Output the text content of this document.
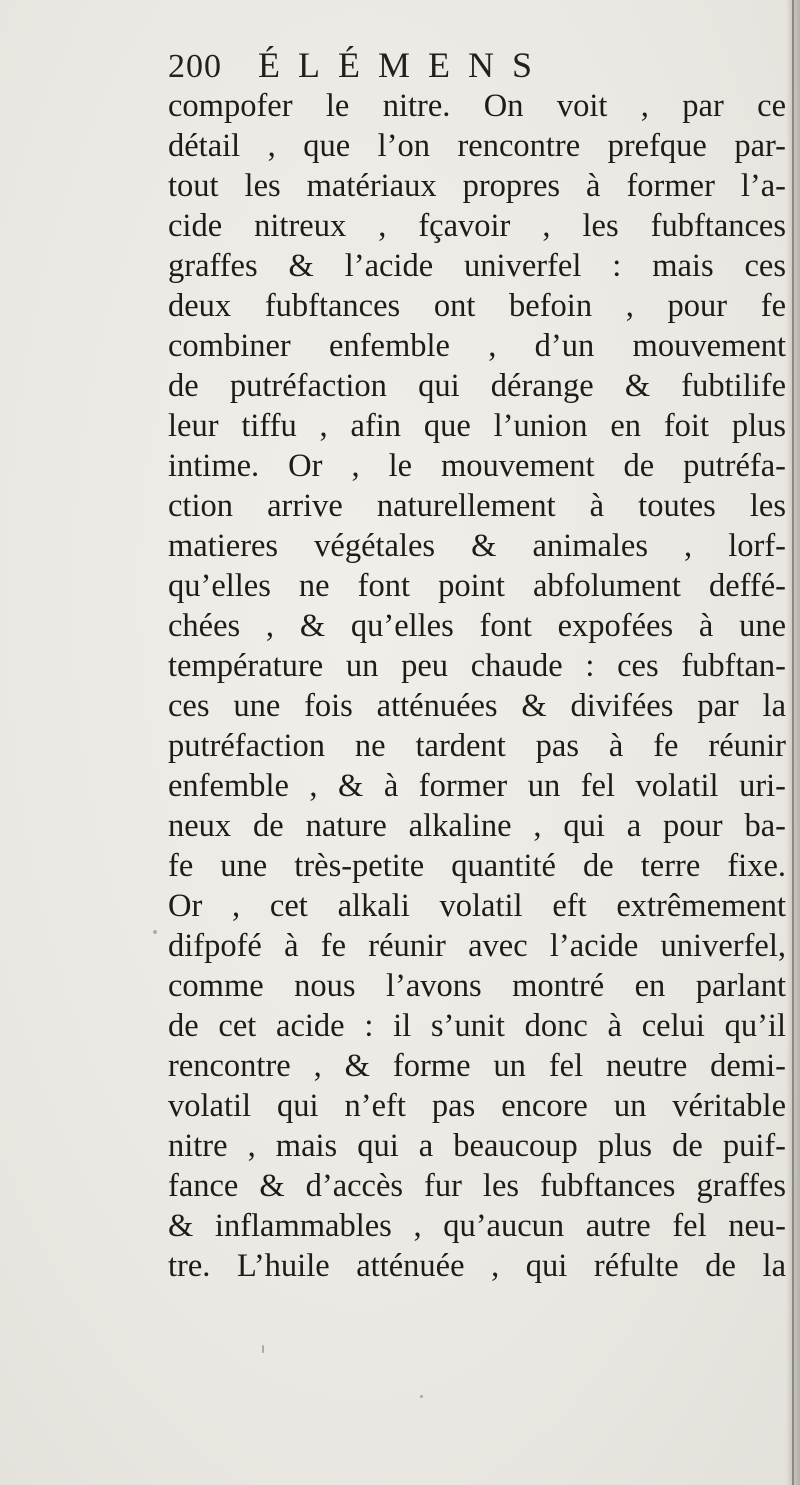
200 ÉLÉMENS
compofer le nitre. On voit , par ce
détail , que l’on rencontre prefque par-
tout les matériaux propres à former l’a-
cide nitreux , fçavoir , les fubftances
graffes & l’acide univerfel : mais ces
deux fubftances ont befoin , pour fe
combiner enfemble , d’un mouvement
de putréfaction qui dérange & fubtilife
leur tiffu , afin que l’union en foit plus
intime. Or , le mouvement de putréfa-
ction arrive naturellement à toutes les
matieres végétales & animales , lorf-
qu’elles ne font point abfolument deffé-
chées , & qu’elles font expofées à une
température un peu chaude : ces fubftan-
ces une fois atténuées & divifées par la
putréfaction ne tardent pas à fe réunir
enfemble , & à former un fel volatil uri-
neux de nature alkaline , qui a pour ba-
fe une très-petite quantité de terre fixe.
Or , cet alkali volatil eft extrêmement
difpofé à fe réunir avec l’acide univerfel,
comme nous l’avons montré en parlant
de cet acide : il s’unit donc à celui qu’il
rencontre , & forme un fel neutre demi-
volatil qui n’eft pas encore un véritable
nitre , mais qui a beaucoup plus de puif-
fance & d’accès fur les fubftances graffes
& inflammables , qu’aucun autre fel neu-
tre. L’huile atténuée , qui réfulte de la
